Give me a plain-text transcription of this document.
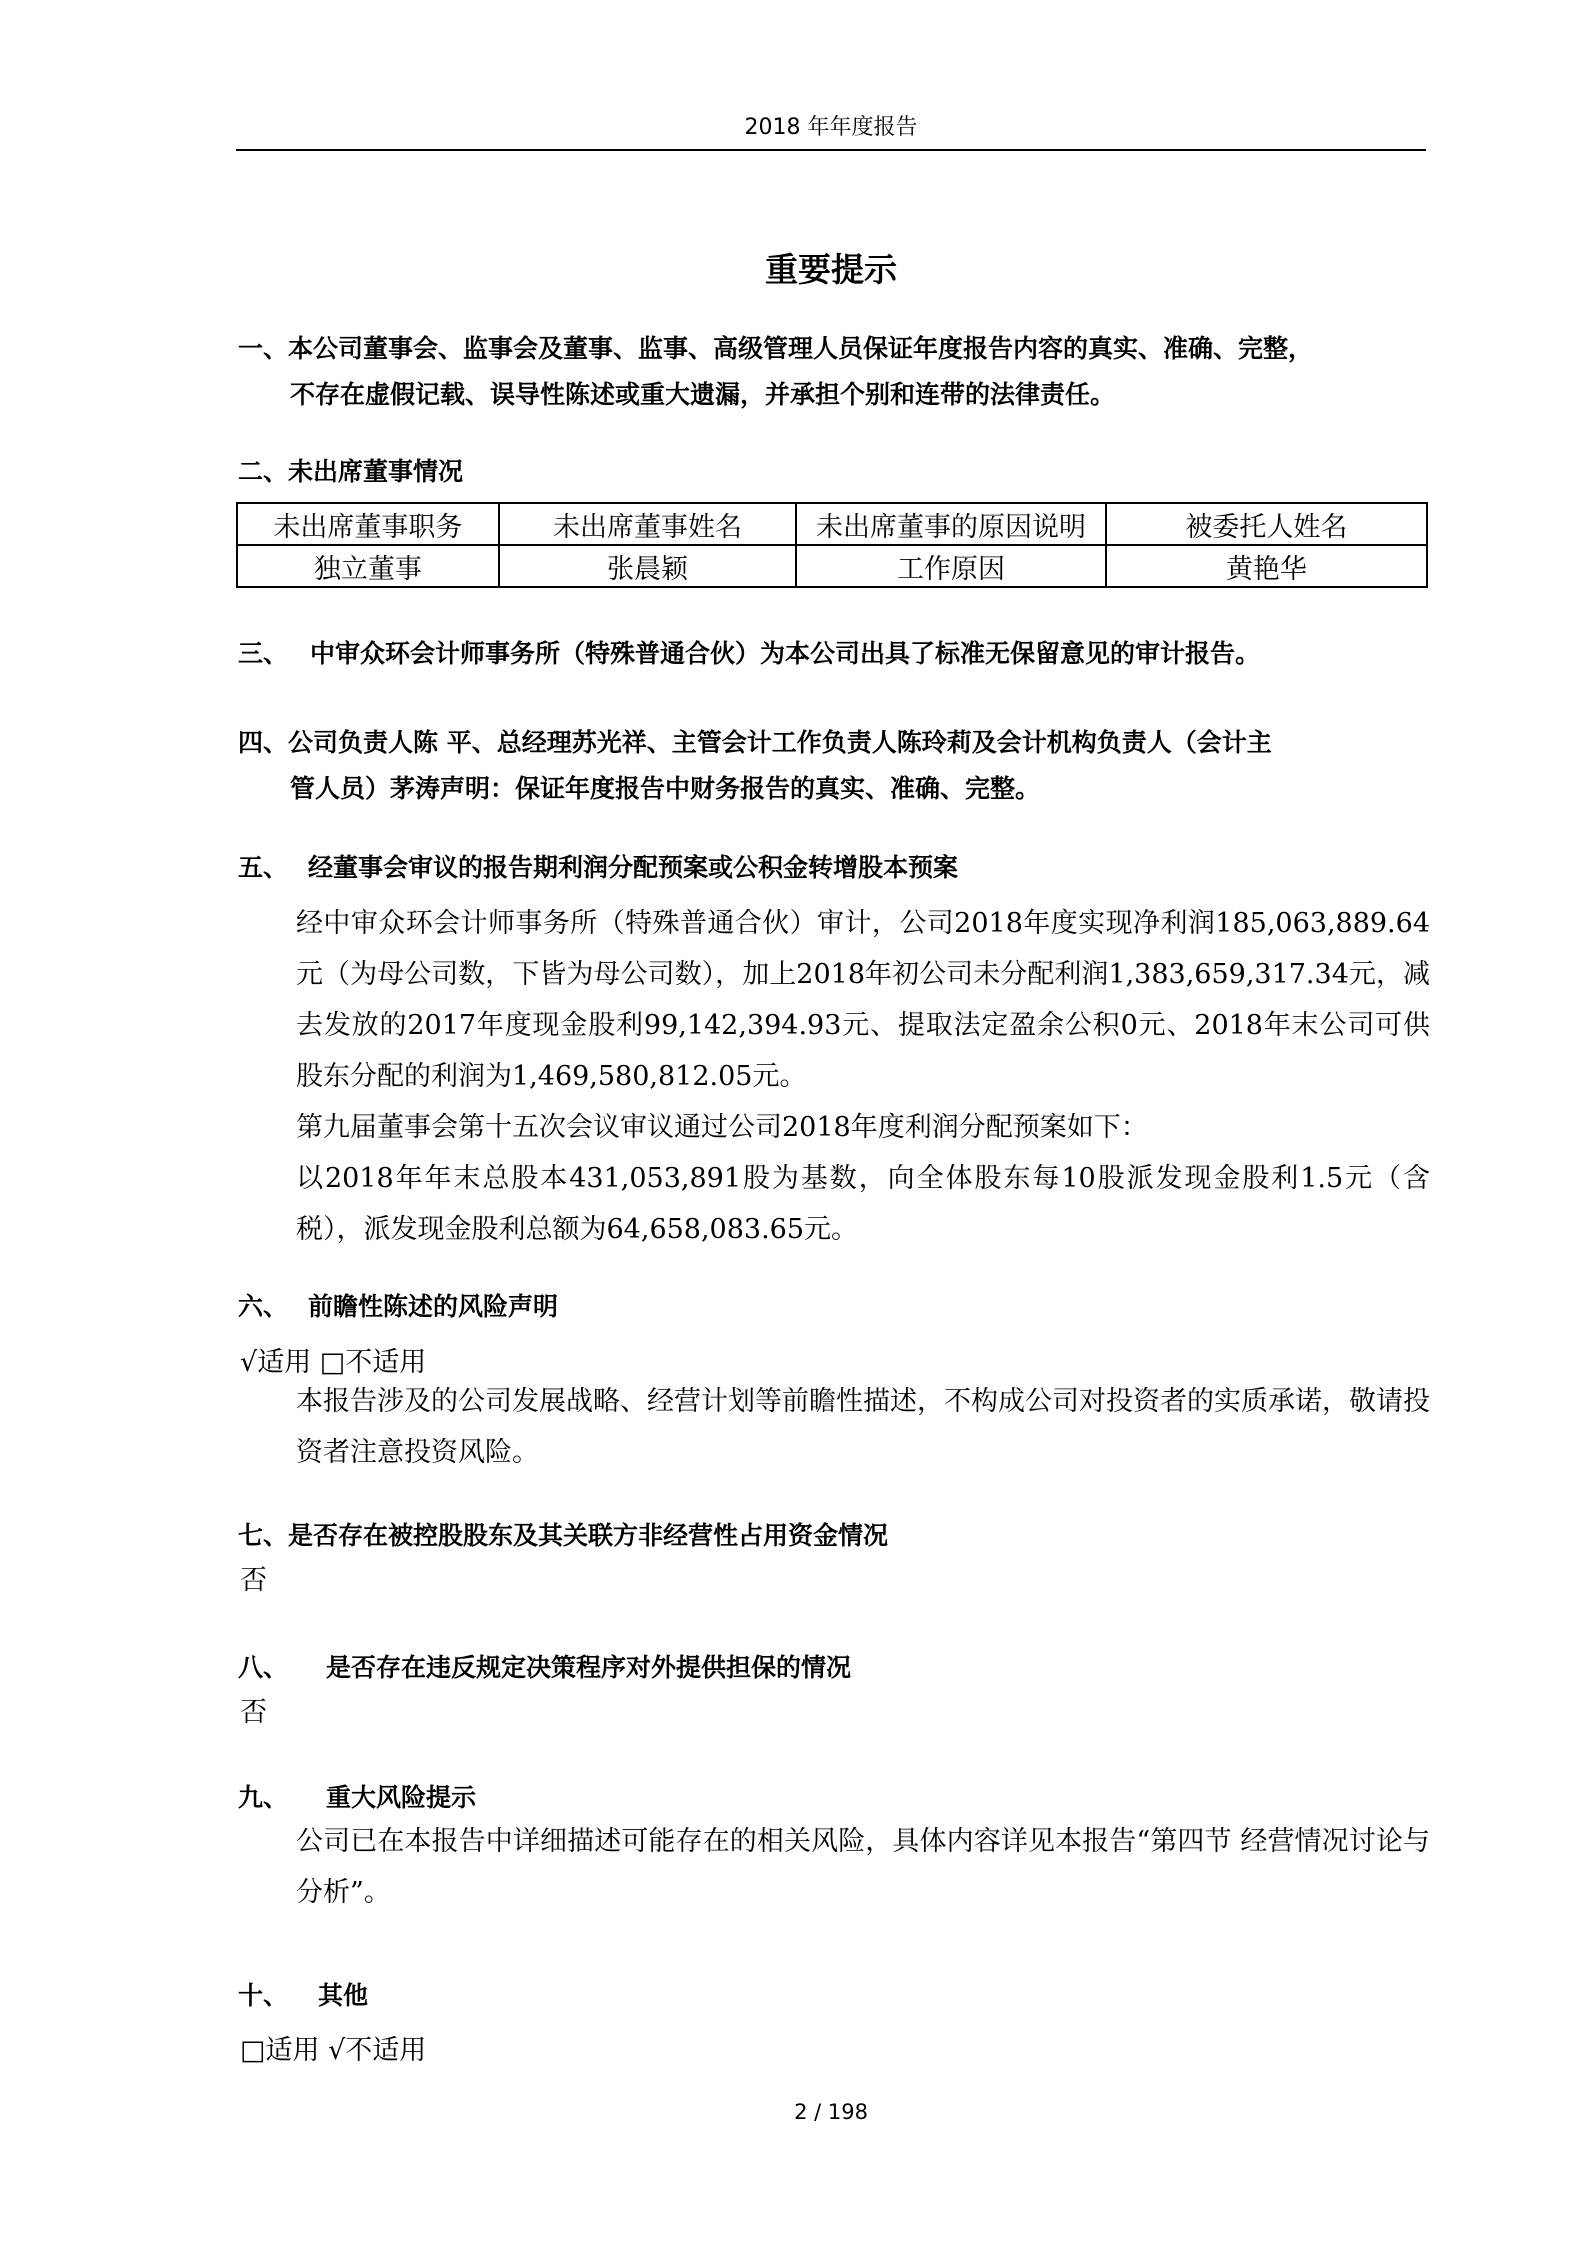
2018 年年度报告
重要提示
一、本公司董事会、监事会及董事、监事、高级管理人员保证年度报告内容的真实、准确、完整，
不存在虚假记载、误导性陈述或重大遗漏，并承担个别和连带的法律责任。
二、未出席董事情况
未出席董事职务	未出席董事姓名	未出席董事的原因说明	被委托人姓名
独立董事	张晨颖	工作原因	黄艳华
三、 中审众环会计师事务所（特殊普通合伙）为本公司出具了标准无保留意见的审计报告。
四、公司负责人陈 平、总经理苏光祥、主管会计工作负责人陈玲莉及会计机构负责人（会计主
管人员）茅涛声明：保证年度报告中财务报告的真实、准确、完整。
五、 经董事会审议的报告期利润分配预案或公积金转增股本预案
经中审众环会计师事务所（特殊普通合伙）审计，公司2018年度实现净利润185,063,889.64元（为母公司数，下皆为母公司数），加上2018年初公司未分配利润1,383,659,317.34元，减去发放的2017年度现金股利99,142,394.93元、提取法定盈余公积0元、2018年末公司可供股东分配的利润为1,469,580,812.05元。
第九届董事会第十五次会议审议通过公司2018年度利润分配预案如下：
以2018年年末总股本431,053,891股为基数，向全体股东每10股派发现金股利1.5元（含税），派发现金股利总额为64,658,083.65元。
六、 前瞻性陈述的风险声明
√适用 □不适用
本报告涉及的公司发展战略、经营计划等前瞻性描述，不构成公司对投资者的实质承诺，敬请投资者注意投资风险。
七、是否存在被控股股东及其关联方非经营性占用资金情况
否
八、 是否存在违反规定决策程序对外提供担保的情况
否
九、 重大风险提示
公司已在本报告中详细描述可能存在的相关风险，具体内容详见本报告“第四节 经营情况讨论与分析”。
十、 其他
□适用 √不适用
2 / 198
